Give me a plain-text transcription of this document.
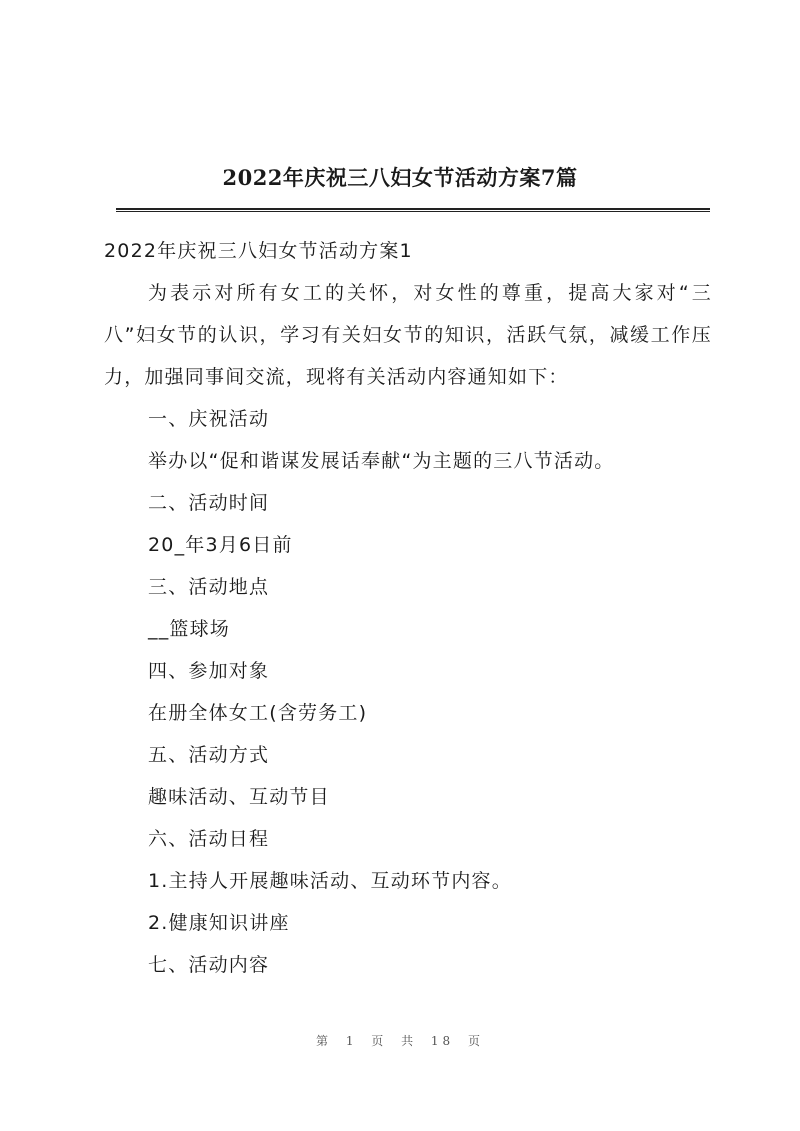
2022年庆祝三八妇女节活动方案7篇

2022年庆祝三八妇女节活动方案1

为表示对所有女工的关怀，对女性的尊重，提高大家对“三八”妇女节的认识，学习有关妇女节的知识，活跃气氛，减缓工作压力，加强同事间交流，现将有关活动内容通知如下：

一、庆祝活动

举办以“促和谐谋发展话奉献“为主题的三八节活动。

二、活动时间

20_年3月6日前

三、活动地点

__篮球场

四、参加对象

在册全体女工(含劳务工)

五、活动方式

趣味活动、互动节目

六、活动日程

1.主持人开展趣味活动、互动环节内容。

2.健康知识讲座

七、活动内容

第 1 页 共 18 页
